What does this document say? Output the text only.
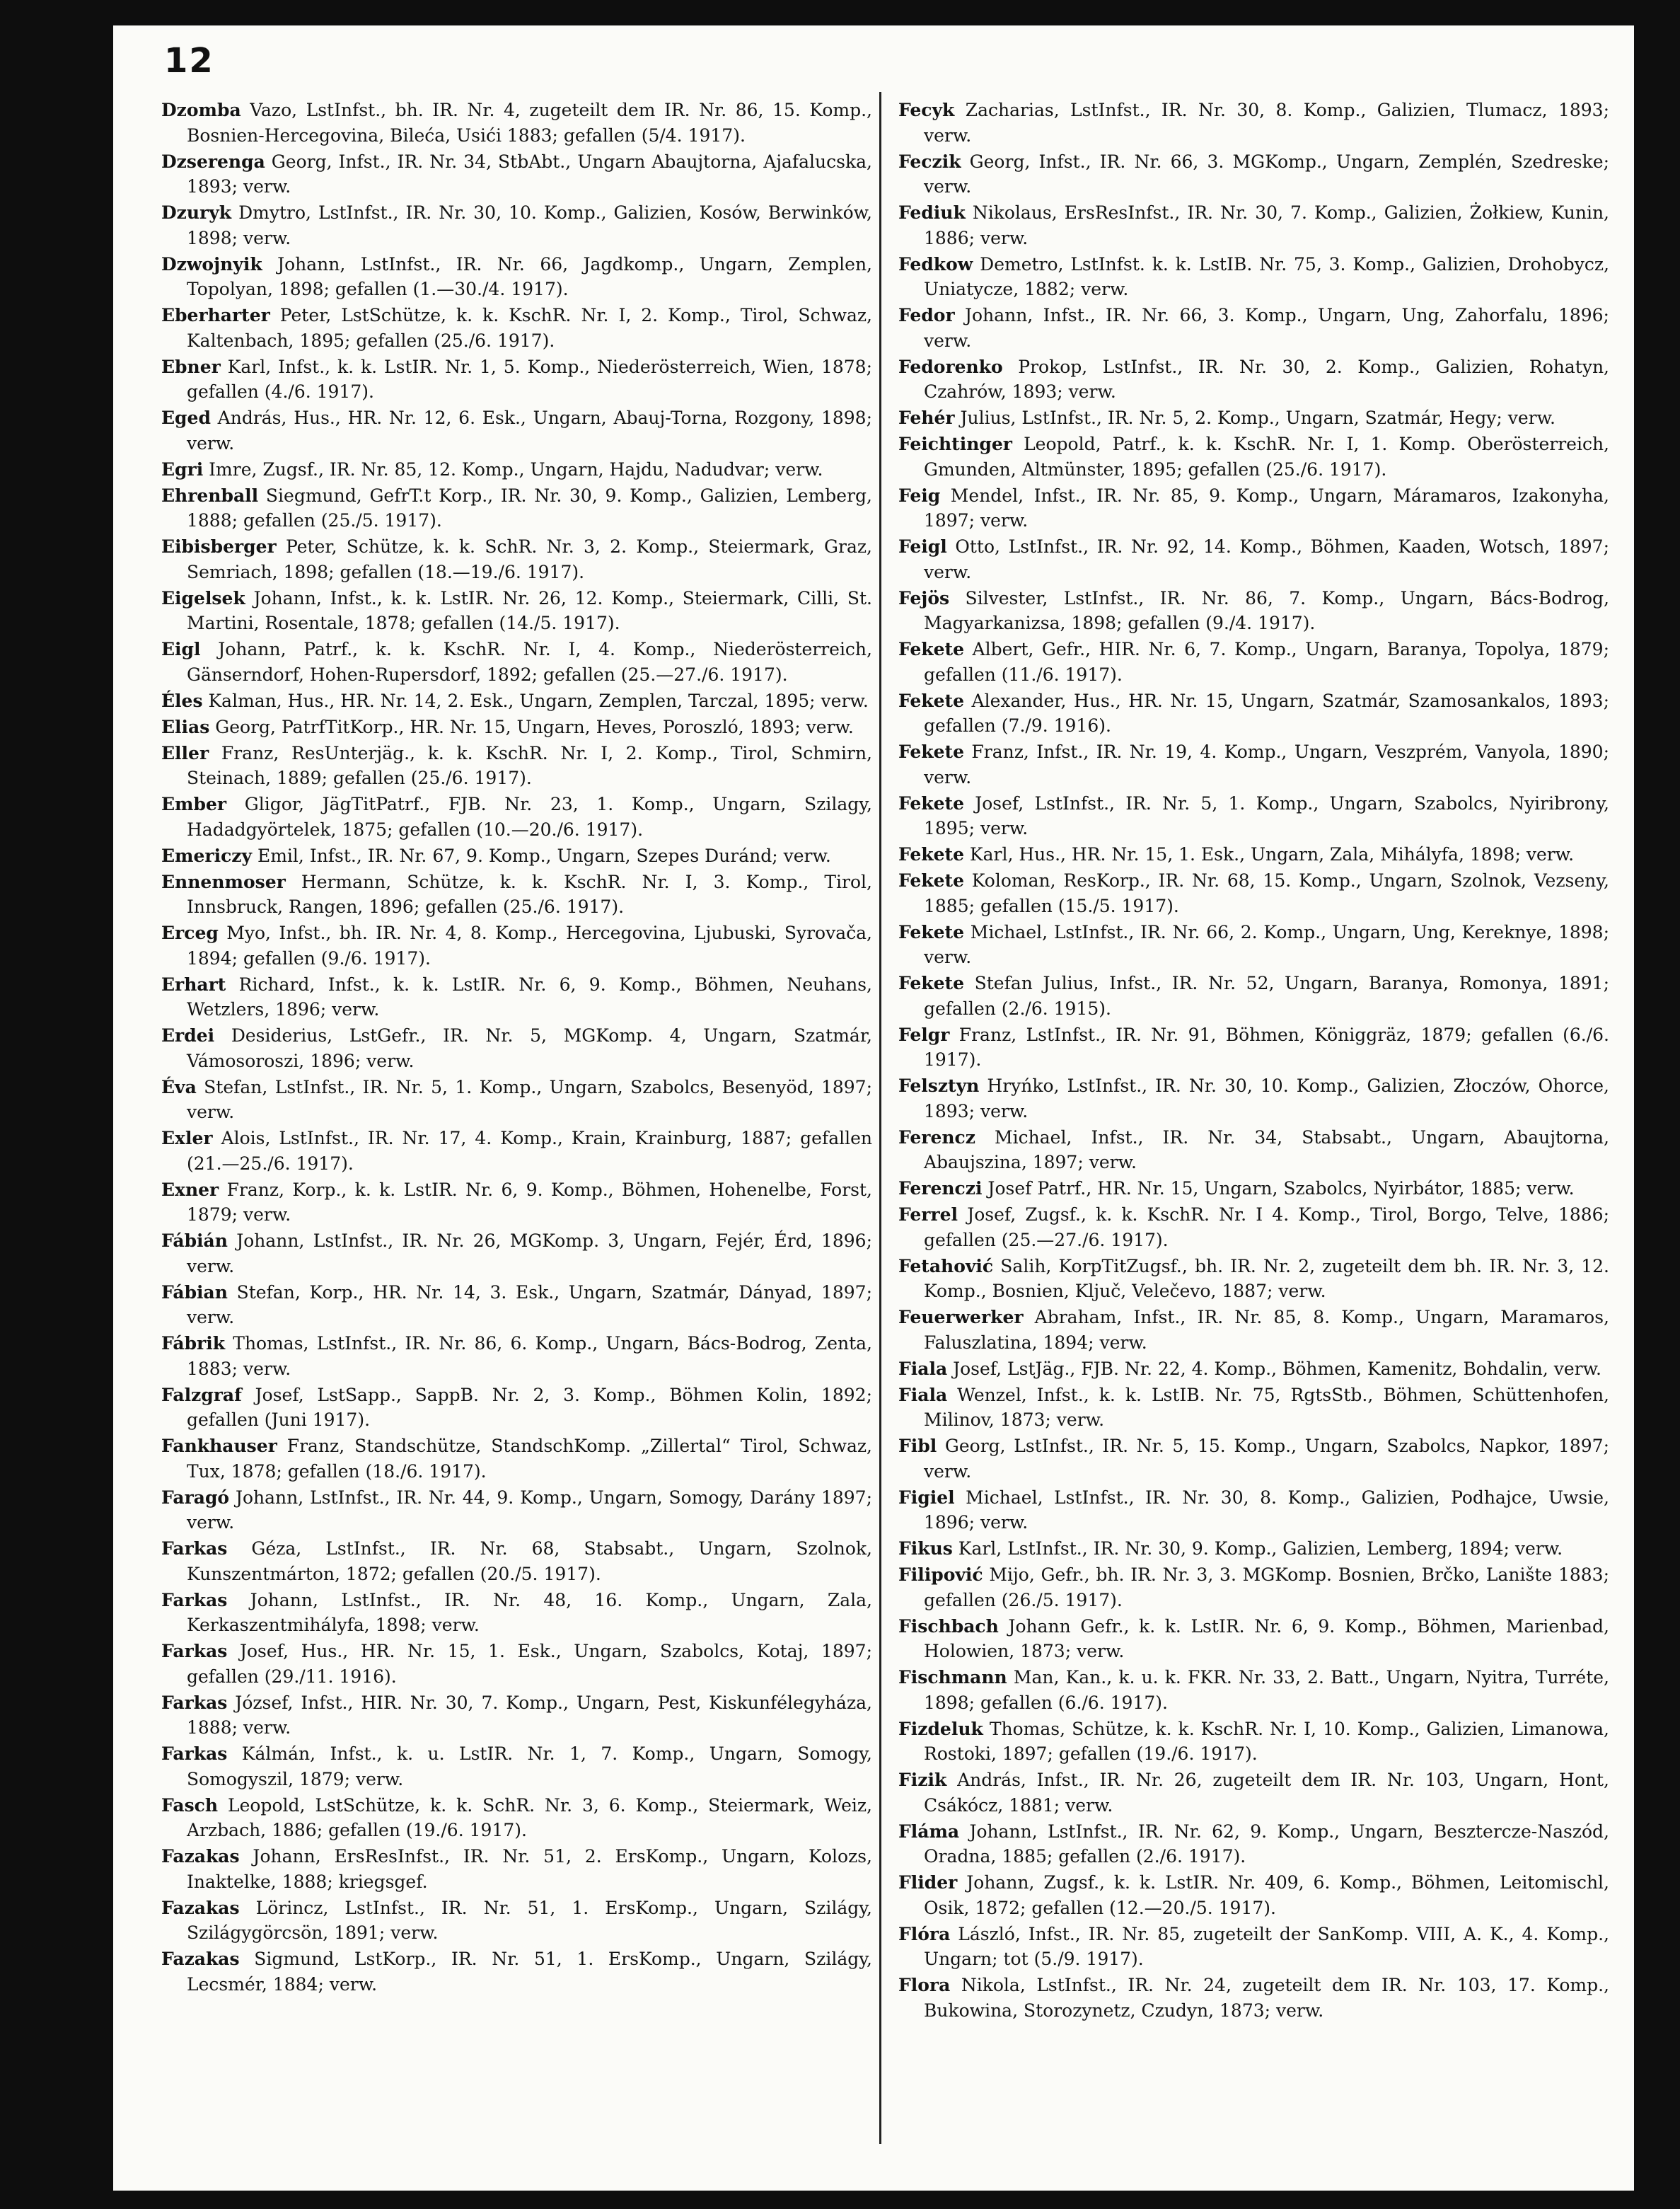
12

Dzomba Vazo, LstInfst., bh. IR. Nr. 4, zugeteilt dem IR. Nr. 86, 15. Komp., Bosnien-Hercegovina, Bileća, Usići 1883; gefallen (5/4. 1917).

Dzserenga Georg, Infst., IR. Nr. 34, StbAbt., Ungarn Abaujtorna, Ajafalucska, 1893; verw.

Dzuryk Dmytro, LstInfst., IR. Nr. 30, 10. Komp., Galizien, Kosów, Berwinków, 1898; verw.

Dzwojnyik Johann, LstInfst., IR. Nr. 66, Jagdkomp., Ungarn, Zemplen, Topolyan, 1898; gefallen (1.—30./4. 1917).

Eberharter Peter, LstSchütze, k. k. KschR. Nr. I, 2. Komp., Tirol, Schwaz, Kaltenbach, 1895; gefallen (25./6. 1917).

Ebner Karl, Infst., k. k. LstIR. Nr. 1, 5. Komp., Niederösterreich, Wien, 1878; gefallen (4./6. 1917).

Eged András, Hus., HR. Nr. 12, 6. Esk., Ungarn, Abauj-Torna, Rozgony, 1898; verw.

Egri Imre, Zugsf., IR. Nr. 85, 12. Komp., Ungarn, Hajdu, Nadudvar; verw.

Ehrenball Siegmund, GefrT.t Korp., IR. Nr. 30, 9. Komp., Galizien, Lemberg, 1888; gefallen (25./5. 1917).

Eibisberger Peter, Schütze, k. k. SchR. Nr. 3, 2. Komp., Steiermark, Graz, Semriach, 1898; gefallen (18.—19./6. 1917).

Eigelsek Johann, Infst., k. k. LstIR. Nr. 26, 12. Komp., Steiermark, Cilli, St. Martini, Rosentale, 1878; gefallen (14./5. 1917).

Eigl Johann, Patrf., k. k. KschR. Nr. I, 4. Komp., Niederösterreich, Gänserndorf, Hohen-Rupersdorf, 1892; gefallen (25.—27./6. 1917).

Éles Kalman, Hus., HR. Nr. 14, 2. Esk., Ungarn, Zemplen, Tarczal, 1895; verw.

Elias Georg, PatrfTitKorp., HR. Nr. 15, Ungarn, Heves, Poroszló, 1893; verw.

Eller Franz, ResUnterjäg., k. k. KschR. Nr. I, 2. Komp., Tirol, Schmirn, Steinach, 1889; gefallen (25./6. 1917).

Ember Gligor, JägTitPatrf., FJB. Nr. 23, 1. Komp., Ungarn, Szilagy, Hadadgyörtelek, 1875; gefallen (10.—20./6. 1917).

Emericzy Emil, Infst., IR. Nr. 67, 9. Komp., Ungarn, Szepes Duránd; verw.

Ennenmoser Hermann, Schütze, k. k. KschR. Nr. I, 3. Komp., Tirol, Innsbruck, Rangen, 1896; gefallen (25./6. 1917).

Erceg Myo, Infst., bh. IR. Nr. 4, 8. Komp., Hercegovina, Ljubuski, Syrovača, 1894; gefallen (9./6. 1917).

Erhart Richard, Infst., k. k. LstIR. Nr. 6, 9. Komp., Böhmen, Neuhans, Wetzlers, 1896; verw.

Erdei Desiderius, LstGefr., IR. Nr. 5, MGKomp. 4, Ungarn, Szatmár, Vámosoroszi, 1896; verw.

Éva Stefan, LstInfst., IR. Nr. 5, 1. Komp., Ungarn, Szabolcs, Besenyöd, 1897; verw.

Exler Alois, LstInfst., IR. Nr. 17, 4. Komp., Krain, Krainburg, 1887; gefallen (21.—25./6. 1917).

Exner Franz, Korp., k. k. LstIR. Nr. 6, 9. Komp., Böhmen, Hohenelbe, Forst, 1879; verw.

Fábián Johann, LstInfst., IR. Nr. 26, MGKomp. 3, Ungarn, Fejér, Érd, 1896; verw.

Fábian Stefan, Korp., HR. Nr. 14, 3. Esk., Ungarn, Szatmár, Dányad, 1897; verw.

Fábrik Thomas, LstInfst., IR. Nr. 86, 6. Komp., Ungarn, Bács-Bodrog, Zenta, 1883; verw.

Falzgraf Josef, LstSapp., SappB. Nr. 2, 3. Komp., Böhmen Kolin, 1892; gefallen (Juni 1917).

Fankhauser Franz, Standschütze, StandschKomp. „Zillertal“ Tirol, Schwaz, Tux, 1878; gefallen (18./6. 1917).

Faragó Johann, LstInfst., IR. Nr. 44, 9. Komp., Ungarn, Somogy, Darány 1897; verw.

Farkas Géza, LstInfst., IR. Nr. 68, Stabsabt., Ungarn, Szolnok, Kunszentmárton, 1872; gefallen (20./5. 1917).

Farkas Johann, LstInfst., IR. Nr. 48, 16. Komp., Ungarn, Zala, Kerkaszentmihályfa, 1898; verw.

Farkas Josef, Hus., HR. Nr. 15, 1. Esk., Ungarn, Szabolcs, Kotaj, 1897; gefallen (29./11. 1916).

Farkas József, Infst., HIR. Nr. 30, 7. Komp., Ungarn, Pest, Kiskunfélegyháza, 1888; verw.

Farkas Kálmán, Infst., k. u. LstIR. Nr. 1, 7. Komp., Ungarn, Somogy, Somogyszil, 1879; verw.

Fasch Leopold, LstSchütze, k. k. SchR. Nr. 3, 6. Komp., Steiermark, Weiz, Arzbach, 1886; gefallen (19./6. 1917).

Fazakas Johann, ErsResInfst., IR. Nr. 51, 2. ErsKomp., Ungarn, Kolozs, Inaktelke, 1888; kriegsgef.

Fazakas Lörincz, LstInfst., IR. Nr. 51, 1. ErsKomp., Ungarn, Szilágy, Szilágygörcsön, 1891; verw.

Fazakas Sigmund, LstKorp., IR. Nr. 51, 1. ErsKomp., Ungarn, Szilágy, Lecsmér, 1884; verw.

Fecyk Zacharias, LstInfst., IR. Nr. 30, 8. Komp., Galizien, Tlumacz, 1893; verw.

Feczik Georg, Infst., IR. Nr. 66, 3. MGKomp., Ungarn, Zemplén, Szedreske; verw.

Fediuk Nikolaus, ErsResInfst., IR. Nr. 30, 7. Komp., Galizien, Żołkiew, Kunin, 1886; verw.

Fedkow Demetro, LstInfst. k. k. LstIB. Nr. 75, 3. Komp., Galizien, Drohobycz, Uniatycze, 1882; verw.

Fedor Johann, Infst., IR. Nr. 66, 3. Komp., Ungarn, Ung, Zahorfalu, 1896; verw.

Fedorenko Prokop, LstInfst., IR. Nr. 30, 2. Komp., Galizien, Rohatyn, Czahrów, 1893; verw.

Fehér Julius, LstInfst., IR. Nr. 5, 2. Komp., Ungarn, Szatmár, Hegy; verw.

Feichtinger Leopold, Patrf., k. k. KschR. Nr. I, 1. Komp. Oberösterreich, Gmunden, Altmünster, 1895; gefallen (25./6. 1917).

Feig Mendel, Infst., IR. Nr. 85, 9. Komp., Ungarn, Máramaros, Izakonyha, 1897; verw.

Feigl Otto, LstInfst., IR. Nr. 92, 14. Komp., Böhmen, Kaaden, Wotsch, 1897; verw.

Fejös Silvester, LstInfst., IR. Nr. 86, 7. Komp., Ungarn, Bács-Bodrog, Magyarkanizsa, 1898; gefallen (9./4. 1917).

Fekete Albert, Gefr., HIR. Nr. 6, 7. Komp., Ungarn, Baranya, Topolya, 1879; gefallen (11./6. 1917).

Fekete Alexander, Hus., HR. Nr. 15, Ungarn, Szatmár, Szamosankalos, 1893; gefallen (7./9. 1916).

Fekete Franz, Infst., IR. Nr. 19, 4. Komp., Ungarn, Veszprém, Vanyola, 1890; verw.

Fekete Josef, LstInfst., IR. Nr. 5, 1. Komp., Ungarn, Szabolcs, Nyiribrony, 1895; verw.

Fekete Karl, Hus., HR. Nr. 15, 1. Esk., Ungarn, Zala, Mihályfa, 1898; verw.

Fekete Koloman, ResKorp., IR. Nr. 68, 15. Komp., Ungarn, Szolnok, Vezseny, 1885; gefallen (15./5. 1917).

Fekete Michael, LstInfst., IR. Nr. 66, 2. Komp., Ungarn, Ung, Kereknye, 1898; verw.

Fekete Stefan Julius, Infst., IR. Nr. 52, Ungarn, Baranya, Romonya, 1891; gefallen (2./6. 1915).

Felgr Franz, LstInfst., IR. Nr. 91, Böhmen, Königgräz, 1879; gefallen (6./6. 1917).

Felsztyn Hryńko, LstInfst., IR. Nr. 30, 10. Komp., Galizien, Złoczów, Ohorce, 1893; verw.

Ferencz Michael, Infst., IR. Nr. 34, Stabsabt., Ungarn, Abaujtorna, Abaujszina, 1897; verw.

Ferenczi Josef Patrf., HR. Nr. 15, Ungarn, Szabolcs, Nyirbátor, 1885; verw.

Ferrel Josef, Zugsf., k. k. KschR. Nr. I 4. Komp., Tirol, Borgo, Telve, 1886; gefallen (25.—27./6. 1917).

Fetahović Salih, KorpTitZugsf., bh. IR. Nr. 2, zugeteilt dem bh. IR. Nr. 3, 12. Komp., Bosnien, Ključ, Velečevo, 1887; verw.

Feuerwerker Abraham, Infst., IR. Nr. 85, 8. Komp., Ungarn, Maramaros, Faluszlatina, 1894; verw.

Fiala Josef, LstJäg., FJB. Nr. 22, 4. Komp., Böhmen, Kamenitz, Bohdalin, verw.

Fiala Wenzel, Infst., k. k. LstIB. Nr. 75, RgtsStb., Böhmen, Schüttenhofen, Milinov, 1873; verw.

Fibl Georg, LstInfst., IR. Nr. 5, 15. Komp., Ungarn, Szabolcs, Napkor, 1897; verw.

Figiel Michael, LstInfst., IR. Nr. 30, 8. Komp., Galizien, Podhajce, Uwsie, 1896; verw.

Fikus Karl, LstInfst., IR. Nr. 30, 9. Komp., Galizien, Lemberg, 1894; verw.

Filipović Mijo, Gefr., bh. IR. Nr. 3, 3. MGKomp. Bosnien, Brčko, Lanište 1883; gefallen (26./5. 1917).

Fischbach Johann Gefr., k. k. LstIR. Nr. 6, 9. Komp., Böhmen, Marienbad, Holowien, 1873; verw.

Fischmann Man, Kan., k. u. k. FKR. Nr. 33, 2. Batt., Ungarn, Nyitra, Turréte, 1898; gefallen (6./6. 1917).

Fizdeluk Thomas, Schütze, k. k. KschR. Nr. I, 10. Komp., Galizien, Limanowa, Rostoki, 1897; gefallen (19./6. 1917).

Fizik András, Infst., IR. Nr. 26, zugeteilt dem IR. Nr. 103, Ungarn, Hont, Csákócz, 1881; verw.

Fláma Johann, LstInfst., IR. Nr. 62, 9. Komp., Ungarn, Besztercze-Naszód, Oradna, 1885; gefallen (2./6. 1917).

Flider Johann, Zugsf., k. k. LstIR. Nr. 409, 6. Komp., Böhmen, Leitomischl, Osik, 1872; gefallen (12.—20./5. 1917).

Flóra László, Infst., IR. Nr. 85, zugeteilt der SanKomp. VIII, A. K., 4. Komp., Ungarn; tot (5./9. 1917).

Flora Nikola, LstInfst., IR. Nr. 24, zugeteilt dem IR. Nr. 103, 17. Komp., Bukowina, Storozynetz, Czudyn, 1873; verw.
